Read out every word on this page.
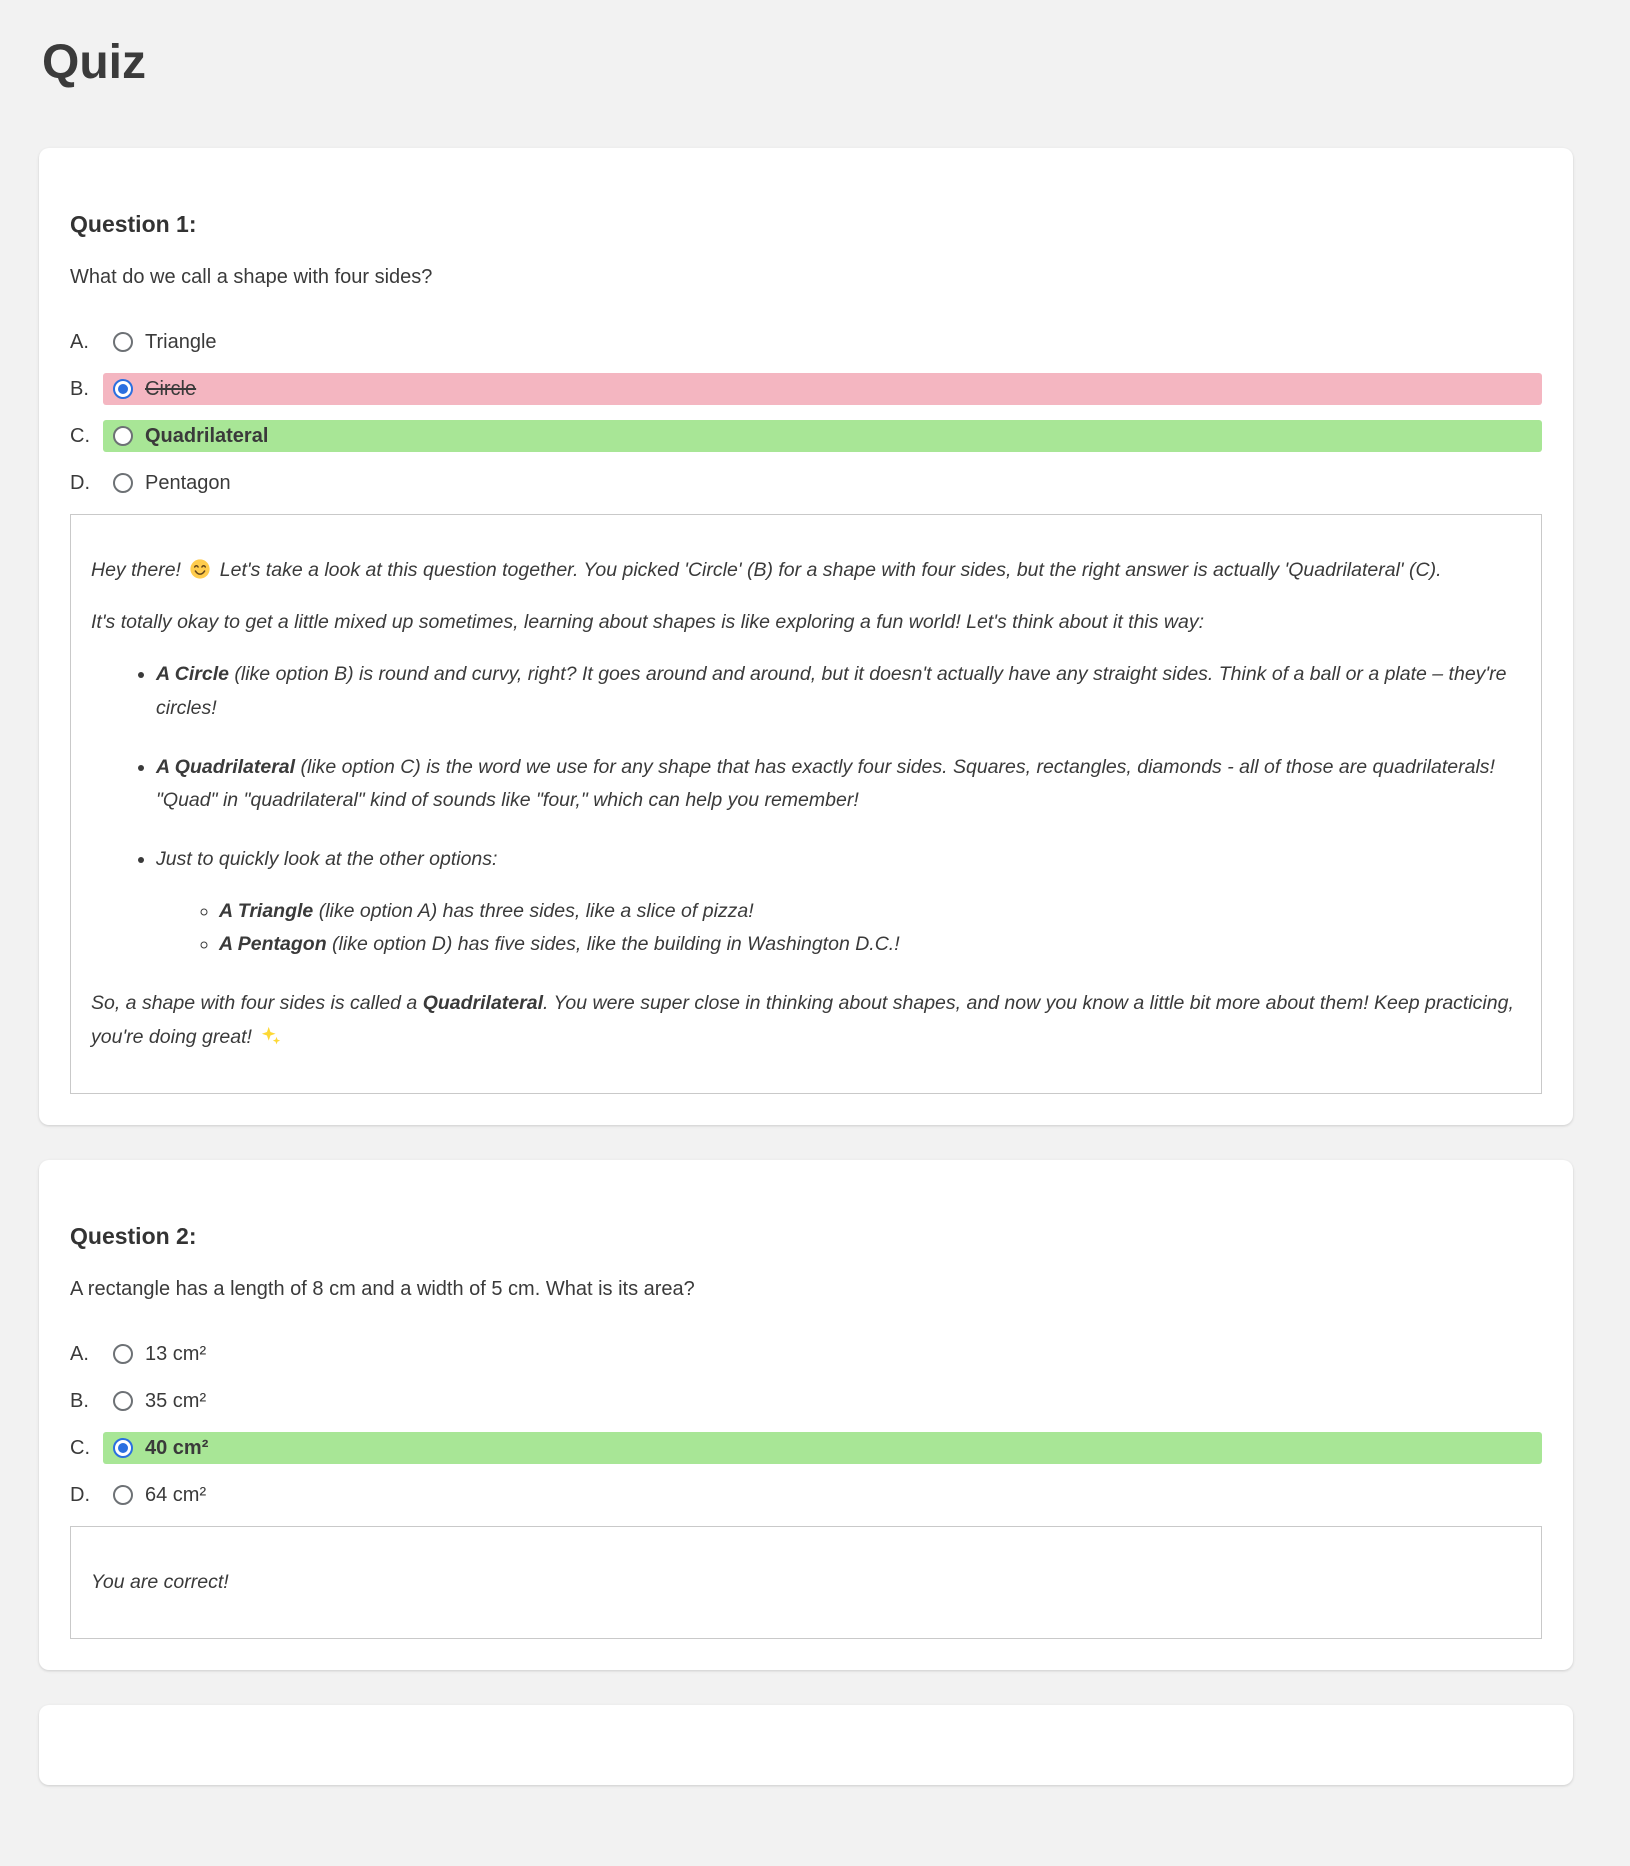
Quiz
Question 1:

What do we call a shape with four sides?

A.	Triangle
B.	Circle
C.	Quadrilateral
D.	Pentagon

Hey there!  Let's take a look at this question together. You picked 'Circle' (B) for a shape with four sides, but the right answer is actually 'Quadrilateral' (C).

It's totally okay to get a little mixed up sometimes, learning about shapes is like exploring a fun world! Let's think about it this way:

• A Circle (like option B) is round and curvy, right? It goes around and around, but it doesn't actually have any straight sides. Think of a ball or a plate – they're circles!
• A Quadrilateral (like option C) is the word we use for any shape that has exactly four sides. Squares, rectangles, diamonds - all of those are quadrilaterals! "Quad" in "quadrilateral" kind of sounds like "four," which can help you remember!
• Just to quickly look at the other options:
◦ A Triangle (like option A) has three sides, like a slice of pizza!
◦ A Pentagon (like option D) has five sides, like the building in Washington D.C.!

So, a shape with four sides is called a Quadrilateral. You were super close in thinking about shapes, and now you know a little bit more about them! Keep practicing, you're doing great!

Question 2:

A rectangle has a length of 8 cm and a width of 5 cm. What is its area?

A.	13 cm²
B.	35 cm²
C.	40 cm²
D.	64 cm²

You are correct!
